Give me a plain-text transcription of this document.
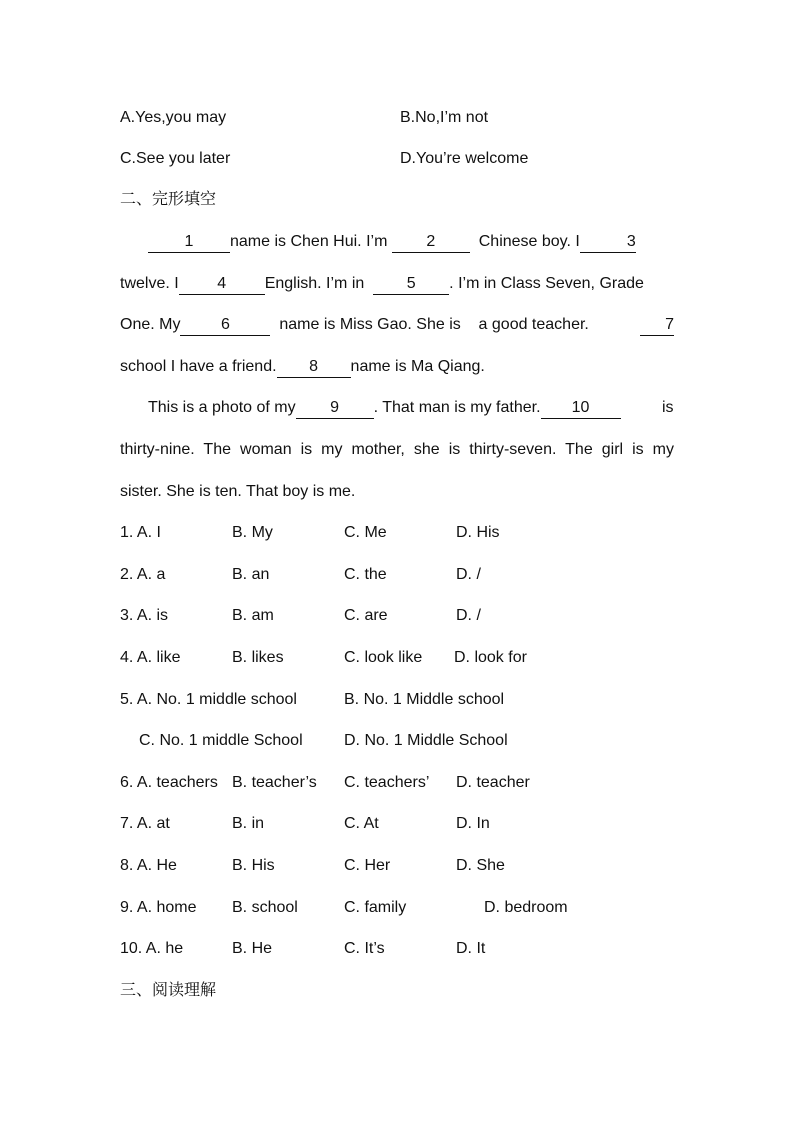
A.Yes,you may	B.No,I’m not
C.See you later	D.You’re welcome
二、完形填空
1 name is Chen Hui. I’m 2	Chinese boy. I	3
twelve. I 4 English. I’m in	5 . I’m in Class Seven, Grade
One. My	6	name is Miss Gao. She is a good teacher.	7
school I have a friend. 8 name is Ma Qiang.
This is a photo of my 9 . That man is my father. 10	is
thirty-nine. The woman is my mother, she is thirty-seven. The girl is my
sister. She is ten. That boy is me.
1. A. I	B. My	C. Me	D. His
2. A. a	B. an	C. the	D. /
3. A. is	B. am	C. are	D. /
4. A. like	B. likes	C. look like D. look for
5. A. No. 1 middle school	B. No. 1 Middle school
C. No. 1 middle School	D. No. 1 Middle School
6. A. teachers B. teacher’s C. teachers’ D. teacher
7. A. at	B. in	C. At	D. In
8. A. He	B. His	C. Her	D. She
9. A. home B. school	C. family	D. bedroom
10. A. he	B. He	C. It’s	D. It
三、阅读理解
